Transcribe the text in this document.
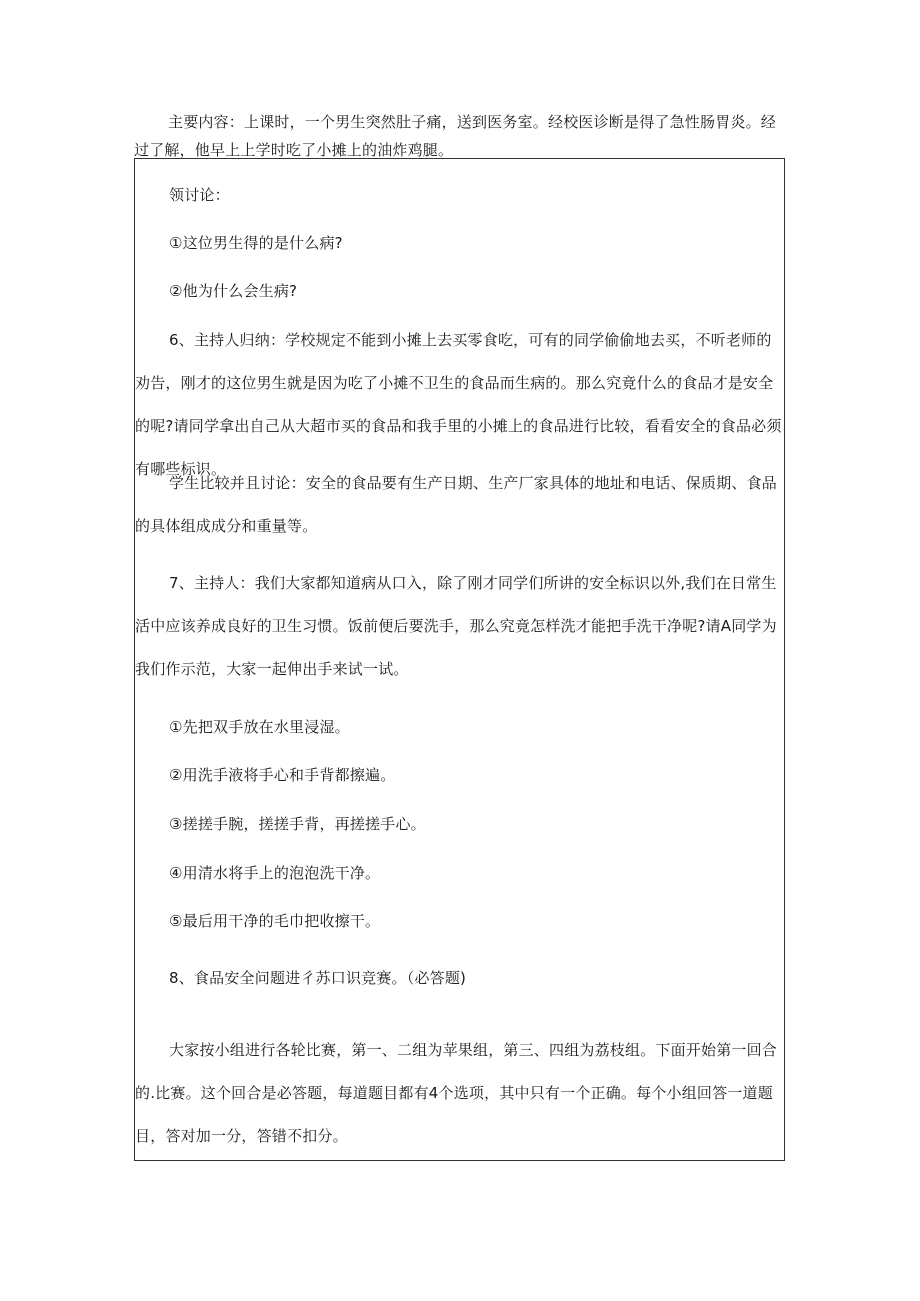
主要内容：上课时，一个男生突然肚子痛，送到医务室。经校医诊断是得了急性肠胃炎。经过了解，他早上上学时吃了小摊上的油炸鸡腿。

领讨论：

①这位男生得的是什么病?

②他为什么会生病?

6、主持人归纳：学校规定不能到小摊上去买零食吃，可有的同学偷偷地去买，不听老师的劝告，刚才的这位男生就是因为吃了小摊不卫生的食品而生病的。那么究竟什么的食品才是安全的呢?请同学拿出自己从大超市买的食品和我手里的小摊上的食品进行比较，看看安全的食品必须有哪些标识。

学生比较并且讨论：安全的食品要有生产日期、生产厂家具体的地址和电话、保质期、食品的具体组成成分和重量等。

7、主持人：我们大家都知道病从口入，除了刚才同学们所讲的安全标识以外,我们在日常生活中应该养成良好的卫生习惯。饭前便后要洗手，那么究竟怎样洗才能把手洗干净呢?请A同学为我们作示范，大家一起伸出手来试一试。

①先把双手放在水里浸湿。

②用洗手液将手心和手背都擦遍。

③搓搓手腕，搓搓手背，再搓搓手心。

④用清水将手上的泡泡洗干净。

⑤最后用干净的毛巾把收擦干。

8、食品安全问题进彳苏口识竞赛。（必答题)

大家按小组进行各轮比赛，第一、二组为苹果组，第三、四组为荔枝组。下面开始第一回合的.比赛。这个回合是必答题，每道题目都有4个选项，其中只有一个正确。每个小组回答一道题目，答对加一分，答错不扣分。
